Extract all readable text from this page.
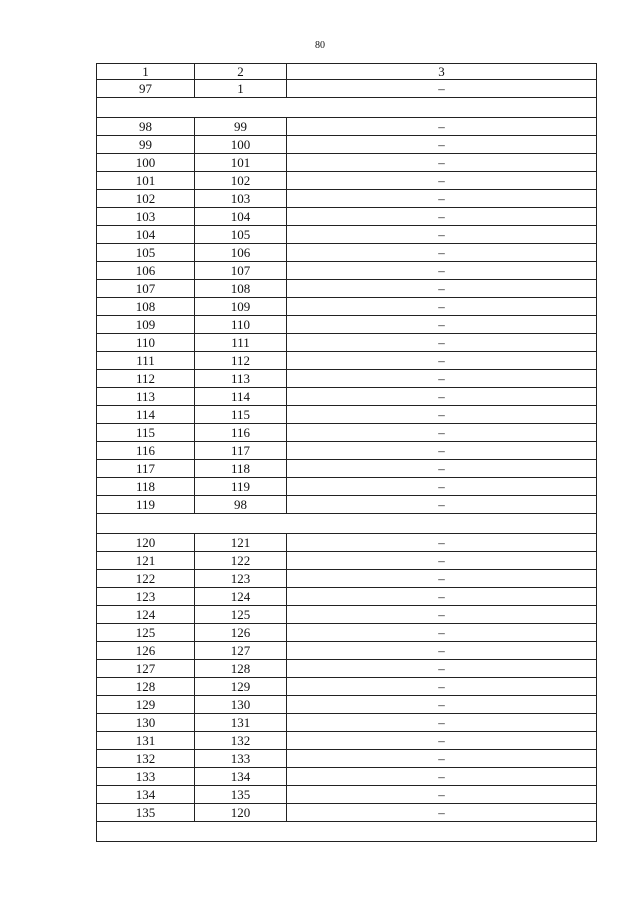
80
1	2	3
97	1	–

98	99	–
99	100	–
100	101	–
101	102	–
102	103	–
103	104	–
104	105	–
105	106	–
106	107	–
107	108	–
108	109	–
109	110	–
110	111	–
111	112	–
112	113	–
113	114	–
114	115	–
115	116	–
116	117	–
117	118	–
118	119	–
119	98	–

120	121	–
121	122	–
122	123	–
123	124	–
124	125	–
125	126	–
126	127	–
127	128	–
128	129	–
129	130	–
130	131	–
131	132	–
132	133	–
133	134	–
134	135	–
135	120	–
